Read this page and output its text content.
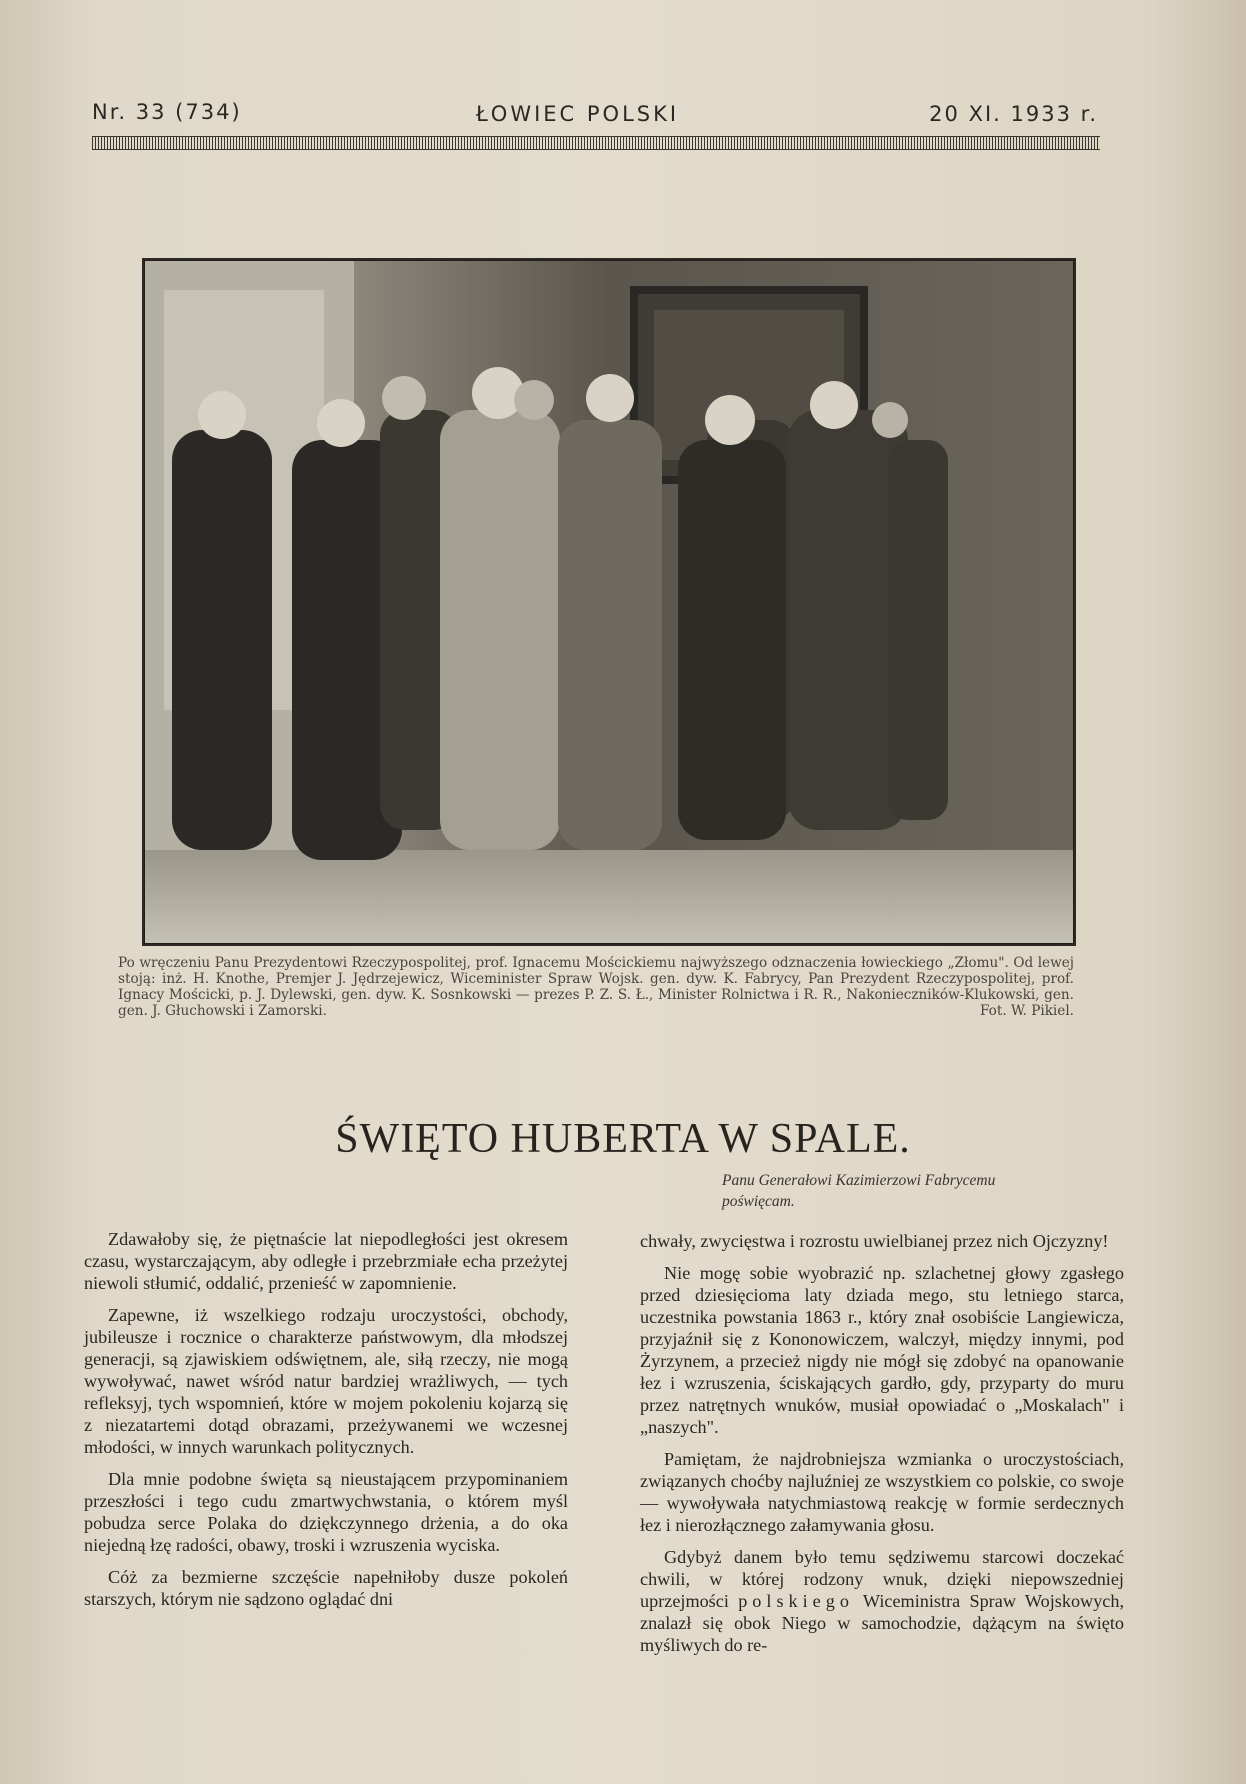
Nr. 33 (734)	ŁOWIEC POLSKI	20 XI. 1933 r.
Po wręczeniu Panu Prezydentowi Rzeczypospolitej, prof. Ignacemu Mościckiemu najwyższego odznaczenia łowieckiego „Złomu". Od lewej stoją: inż. H. Knothe, Premjer J. Jędrzejewicz, Wiceminister Spraw Wojsk. gen. dyw. K. Fabrycy, Pan Prezydent Rzeczypospolitej, prof. Ignacy Mościcki, p. J. Dylewski, gen. dyw. K. Sosnkowski — prezes P. Z. S. Ł., Minister Rolnictwa i R. R., Nakonieczników-Klukowski, gen. gen. J. Głuchowski i Zamorski.	Fot. W. Pikiel.
ŚWIĘTO HUBERTA W SPALE.
Panu Generałowi Kazimierzowi Fabrycemu
poświęcam.

Zdawałoby się, że piętnaście lat niepodległości jest okresem czasu, wystarczającym, aby odległe i przebrzmiałe echa przeżytej niewoli stłumić, oddalić, przenieść w zapomnienie.

Zapewne, iż wszelkiego rodzaju uroczystości, obchody, jubileusze i rocznice o charakterze państwowym, dla młodszej generacji, są zjawiskiem odświętnem, ale, siłą rzeczy, nie mogą wywoływać, nawet wśród natur bardziej wrażliwych, — tych refleksyj, tych wspomnień, które w mojem pokoleniu kojarzą się z niezatartemi dotąd obrazami, przeżywanemi we wczesnej młodości, w innych warunkach politycznych.

Dla mnie podobne święta są nieustającem przypominaniem przeszłości i tego cudu zmartwychwstania, o którem myśl pobudza serce Polaka do dziękczynnego drżenia, a do oka niejedną łzę radości, obawy, troski i wzruszenia wyciska.

Cóż za bezmierne szczęście napełniłoby dusze pokoleń starszych, którym nie sądzono oglądać dni

chwały, zwycięstwa i rozrostu uwielbianej przez nich Ojczyzny!

Nie mogę sobie wyobrazić np. szlachetnej głowy zgasłego przed dziesięcioma laty dziada mego, stu letniego starca, uczestnika powstania 1863 r., który znał osobiście Langiewicza, przyjaźnił się z Kononowiczem, walczył, między innymi, pod Żyrzynem, a przecież nigdy nie mógł się zdobyć na opanowanie łez i wzruszenia, ściskających gardło, gdy, przyparty do muru przez natrętnych wnuków, musiał opowiadać o „Moskalach" i „naszych".

Pamiętam, że najdrobniejsza wzmianka o uroczystościach, związanych choćby najluźniej ze wszystkiem co polskie, co swoje — wywoływała natychmiastową reakcję w formie serdecznych łez i nierozłącznego załamywania głosu.

Gdybyż danem było temu sędziwemu starcowi doczekać chwili, w której rodzony wnuk, dzięki niepowszedniej uprzejmości polskiego Wiceministra Spraw Wojskowych, znalazł się obok Niego w samochodzie, dążącym na święto myśliwych do re-
